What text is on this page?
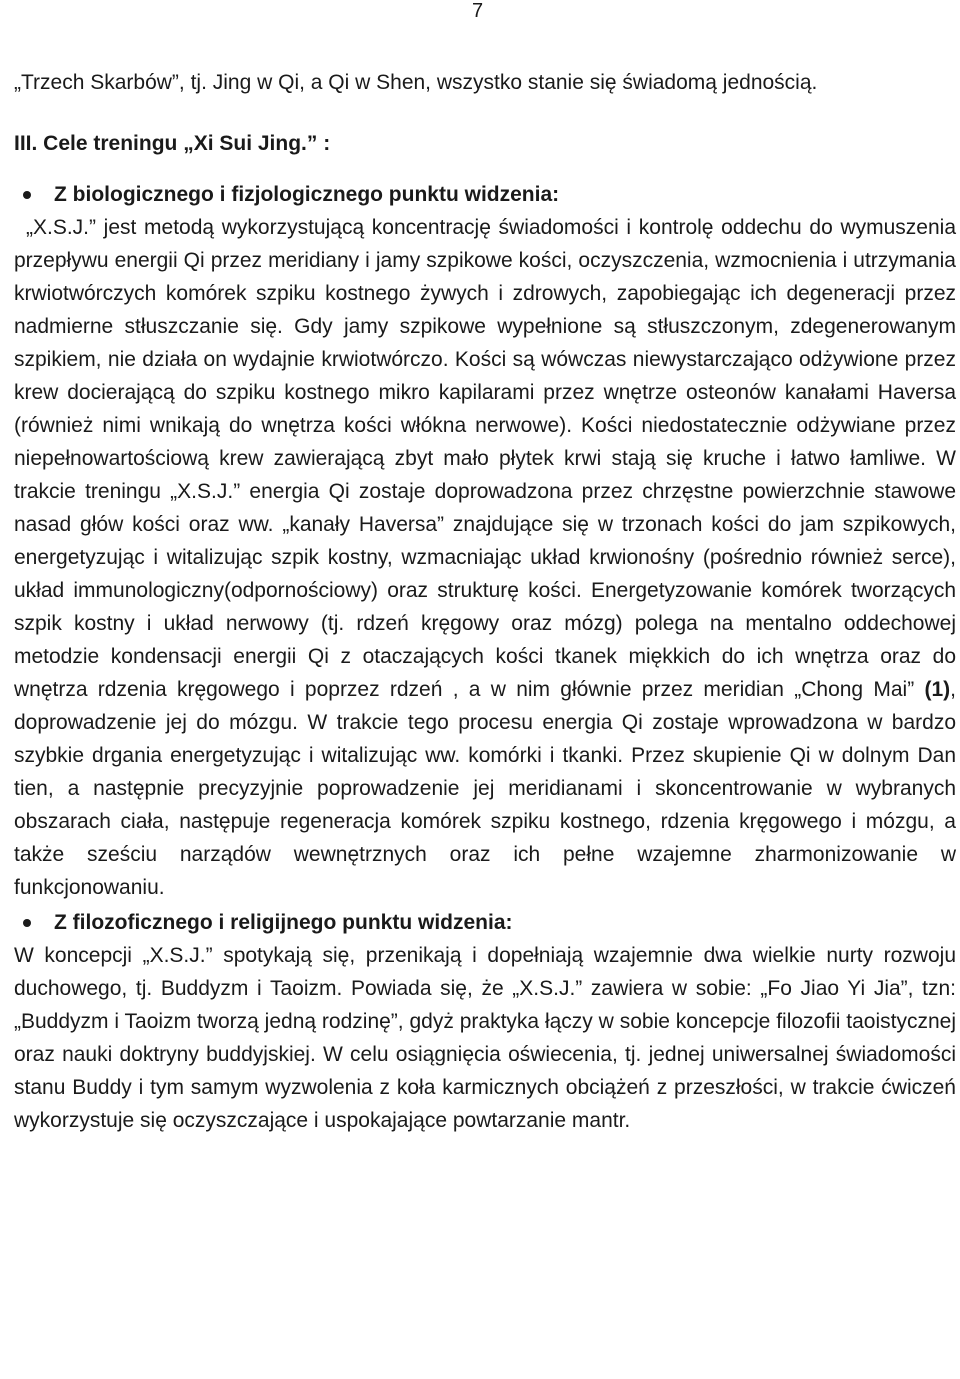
7

„Trzech Skarbów”, tj. Jing w Qi, a Qi w Shen, wszystko stanie się świadomą jednością.

III. Cele treningu „Xi Sui Jing.” :
Z biologicznego i fizjologicznego punktu widzenia:

„X.S.J.” jest metodą wykorzystującą koncentrację świadomości i kontrolę oddechu do wymuszenia przepływu energii Qi przez meridiany i jamy szpikowe kości, oczyszczenia, wzmocnienia i utrzymania krwiotwórczych komórek szpiku kostnego żywych i zdrowych, zapobiegając ich degeneracji przez nadmierne stłuszczanie się. Gdy jamy szpikowe wypełnione są stłuszczonym, zdegenerowanym szpikiem, nie działa on wydajnie krwiotwórczo. Kości są wówczas niewystarczająco odżywione przez krew docierającą do szpiku kostnego mikro kapilarami przez wnętrze osteonów kanałami Haversa (również nimi wnikają do wnętrza kości włókna nerwowe). Kości niedostatecznie odżywiane przez niepełnowartościową krew zawierającą zbyt mało płytek krwi stają się kruche i łatwo łamliwe. W trakcie treningu „X.S.J.” energia Qi zostaje doprowadzona przez chrzęstne powierzchnie stawowe nasad głów kości oraz ww. „kanały Haversa” znajdujące się w trzonach kości do jam szpikowych, energetyzując i witalizując szpik kostny, wzmacniając układ krwionośny (pośrednio również serce), układ immunologiczny(odpornościowy) oraz strukturę kości. Energetyzowanie komórek tworzących szpik kostny i układ nerwowy (tj. rdzeń kręgowy oraz mózg) polega na mentalno oddechowej metodzie kondensacji energii Qi z otaczających kości tkanek miękkich do ich wnętrza oraz do wnętrza rdzenia kręgowego i poprzez rdzeń , a w nim głównie przez meridian „Chong Mai” (1), doprowadzenie jej do mózgu. W trakcie tego procesu energia Qi zostaje wprowadzona w bardzo szybkie drgania energetyzując i witalizując ww. komórki i tkanki. Przez skupienie Qi w dolnym Dan tien, a następnie precyzyjnie poprowadzenie jej meridianami i skoncentrowanie w wybranych obszarach ciała, następuje regeneracja komórek szpiku kostnego, rdzenia kręgowego i mózgu, a także sześciu narządów wewnętrznych oraz ich pełne wzajemne zharmonizowanie w funkcjonowaniu.

Z filozoficznego i religijnego punktu widzenia:

W koncepcji „X.S.J.” spotykają się, przenikają i dopełniają wzajemnie dwa wielkie nurty rozwoju duchowego, tj. Buddyzm i Taoizm. Powiada się, że „X.S.J.” zawiera w sobie: „Fo Jiao Yi Jia”, tzn: „Buddyzm i Taoizm tworzą jedną rodzinę”, gdyż praktyka łączy w sobie koncepcje filozofii taoistycznej oraz nauki doktryny buddyjskiej. W celu osiągnięcia oświecenia, tj. jednej uniwersalnej świadomości stanu Buddy i tym samym wyzwolenia z koła karmicznych obciążeń z przeszłości, w trakcie ćwiczeń wykorzystuje się oczyszczające i uspokajające powtarzanie mantr.
